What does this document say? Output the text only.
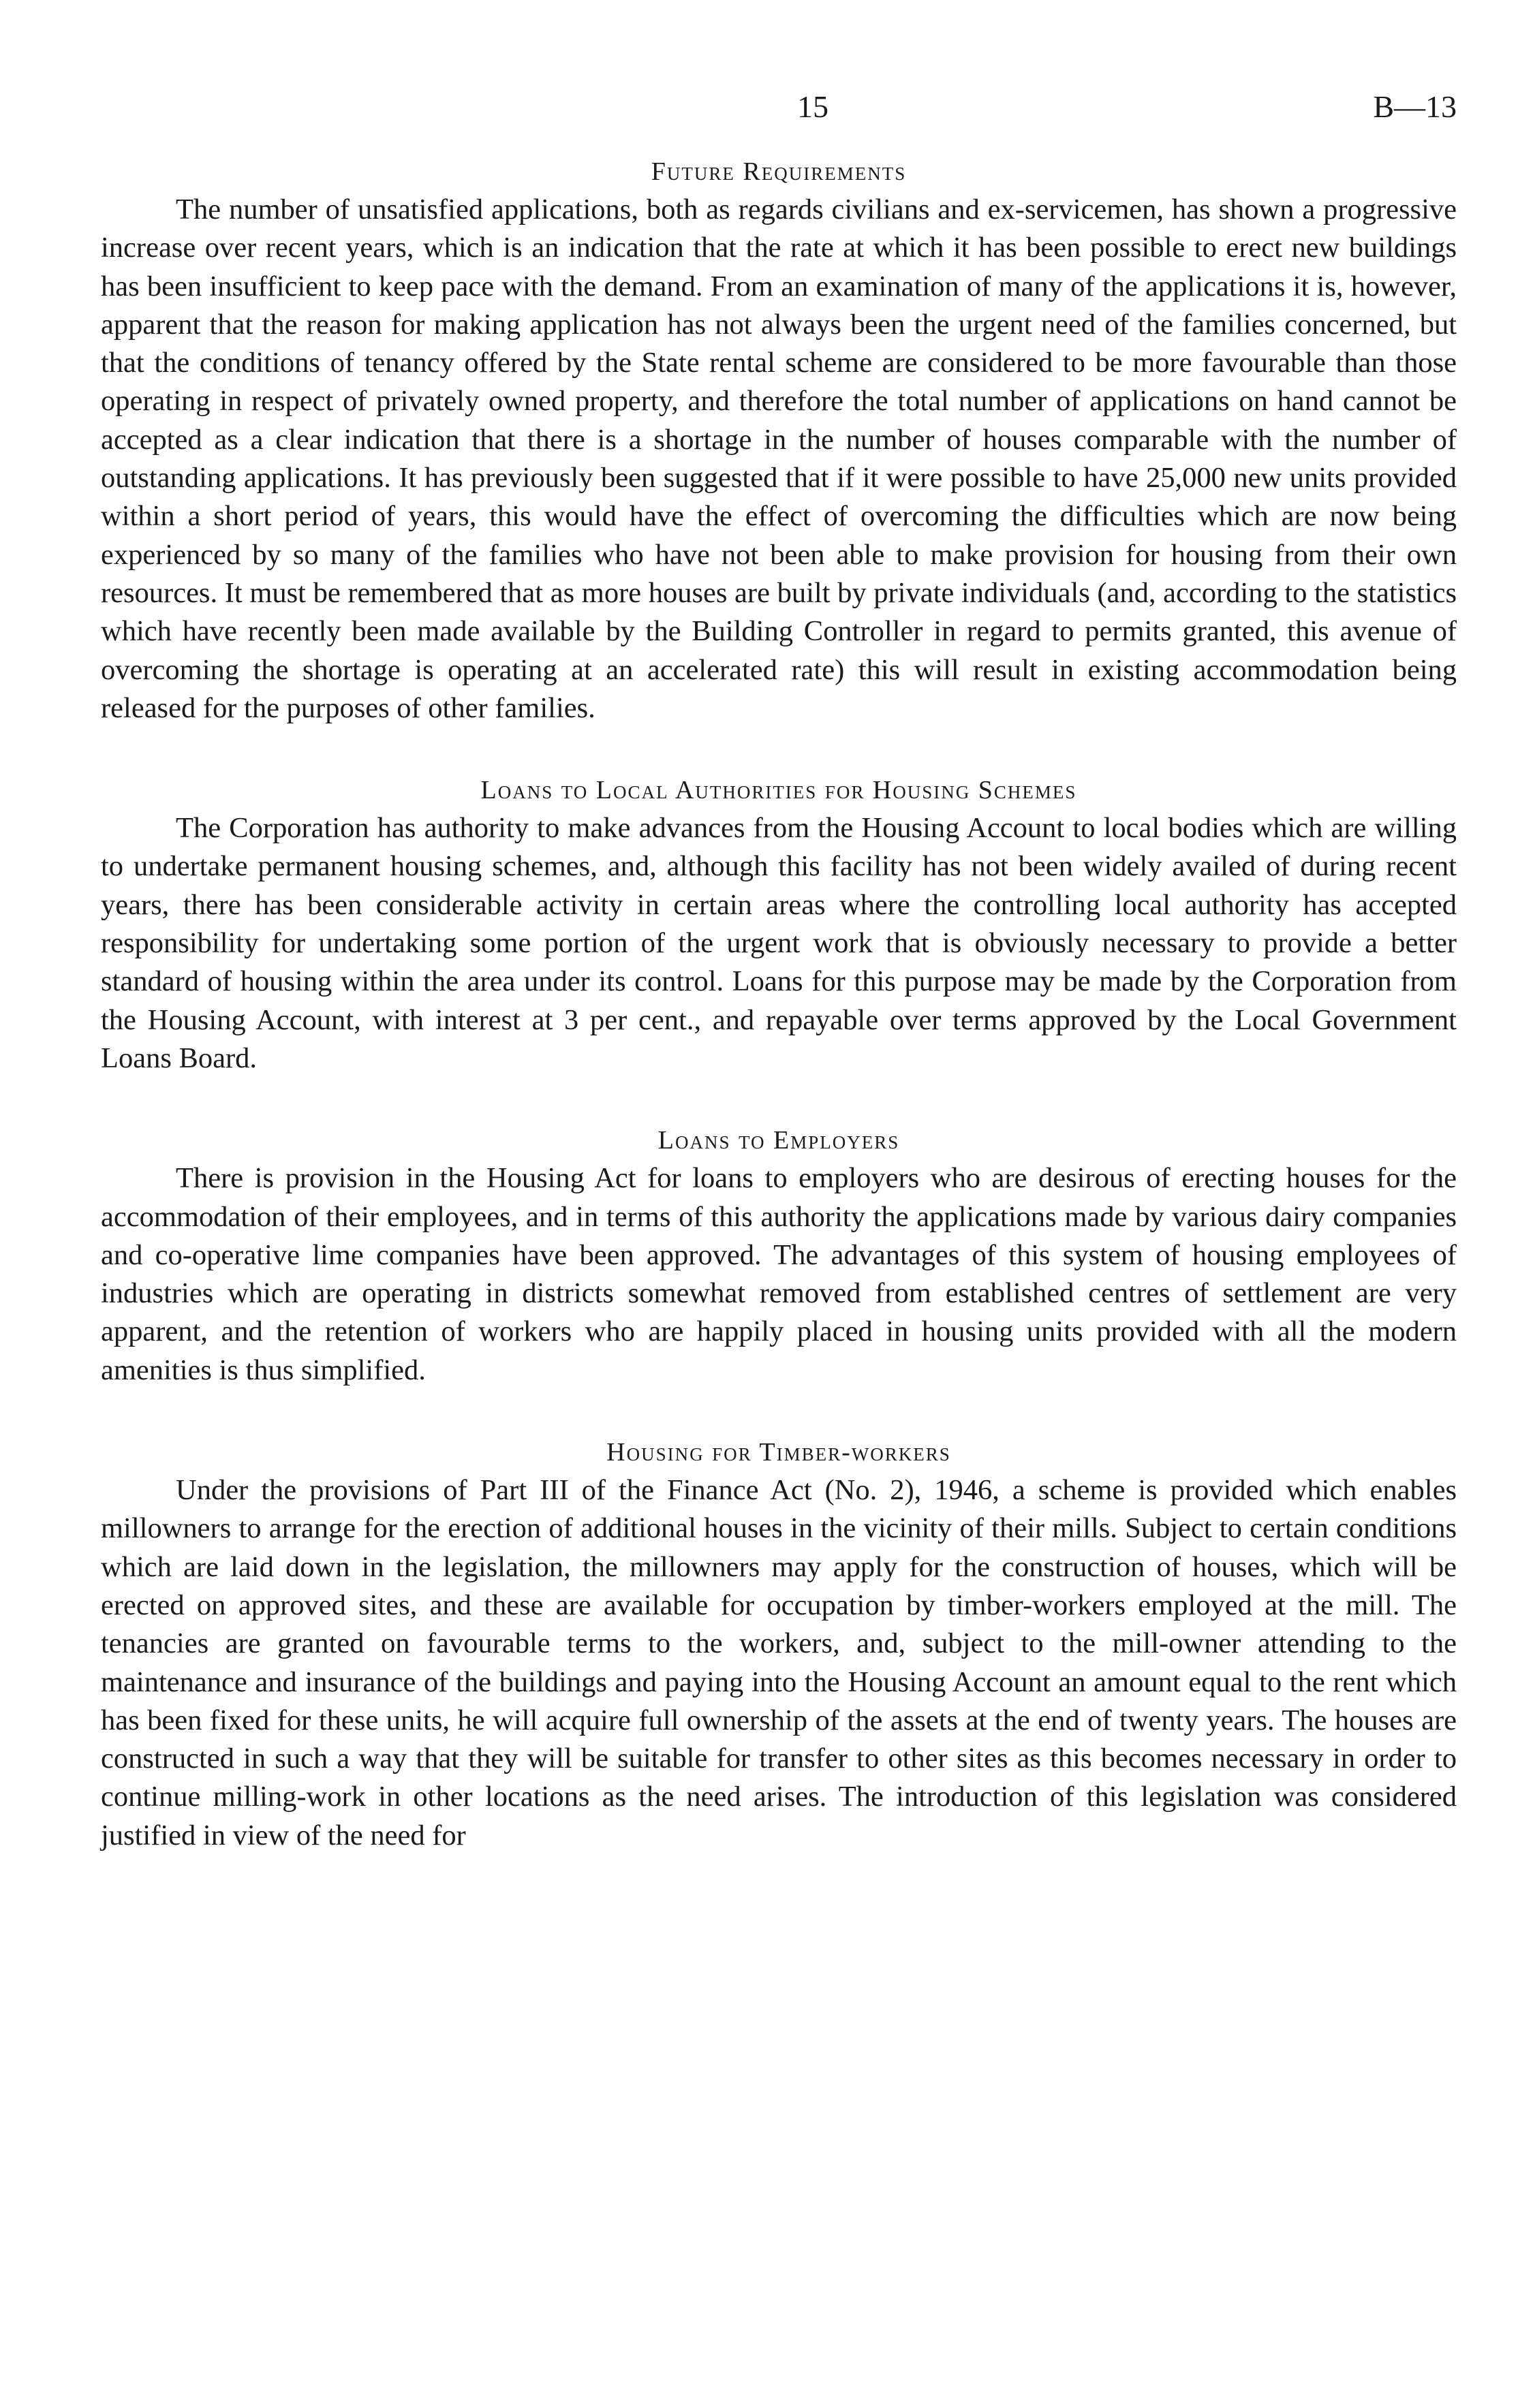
15	B—13
Future Requirements

The number of unsatisfied applications, both as regards civilians and ex-servicemen, has shown a progressive increase over recent years, which is an indication that the rate at which it has been possible to erect new buildings has been insufficient to keep pace with the demand. From an examination of many of the applications it is, however, apparent that the reason for making application has not always been the urgent need of the families concerned, but that the conditions of tenancy offered by the State rental scheme are considered to be more favourable than those operating in respect of privately owned property, and therefore the total number of applications on hand cannot be accepted as a clear indication that there is a shortage in the number of houses comparable with the number of outstanding applications. It has previously been suggested that if it were possible to have 25,000 new units provided within a short period of years, this would have the effect of overcoming the difficulties which are now being experienced by so many of the families who have not been able to make provision for housing from their own resources. It must be remembered that as more houses are built by private individuals (and, according to the statistics which have recently been made available by the Building Controller in regard to permits granted, this avenue of overcoming the shortage is operating at an accelerated rate) this will result in existing accommodation being released for the purposes of other families.

Loans to Local Authorities for Housing Schemes

The Corporation has authority to make advances from the Housing Account to local bodies which are willing to undertake permanent housing schemes, and, although this facility has not been widely availed of during recent years, there has been considerable activity in certain areas where the controlling local authority has accepted responsibility for undertaking some portion of the urgent work that is obviously necessary to provide a better standard of housing within the area under its control. Loans for this purpose may be made by the Corporation from the Housing Account, with interest at 3 per cent., and repayable over terms approved by the Local Government Loans Board.

Loans to Employers

There is provision in the Housing Act for loans to employers who are desirous of erecting houses for the accommodation of their employees, and in terms of this authority the applications made by various dairy companies and co-operative lime companies have been approved. The advantages of this system of housing employees of industries which are operating in districts somewhat removed from established centres of settlement are very apparent, and the retention of workers who are happily placed in housing units provided with all the modern amenities is thus simplified.

Housing for Timber-workers

Under the provisions of Part III of the Finance Act (No. 2), 1946, a scheme is provided which enables millowners to arrange for the erection of additional houses in the vicinity of their mills. Subject to certain conditions which are laid down in the legislation, the millowners may apply for the construction of houses, which will be erected on approved sites, and these are available for occupation by timber-workers employed at the mill. The tenancies are granted on favourable terms to the workers, and, subject to the mill-owner attending to the maintenance and insurance of the buildings and paying into the Housing Account an amount equal to the rent which has been fixed for these units, he will acquire full ownership of the assets at the end of twenty years. The houses are constructed in such a way that they will be suitable for transfer to other sites as this becomes necessary in order to continue milling-work in other locations as the need arises. The introduction of this legislation was considered justified in view of the need for
